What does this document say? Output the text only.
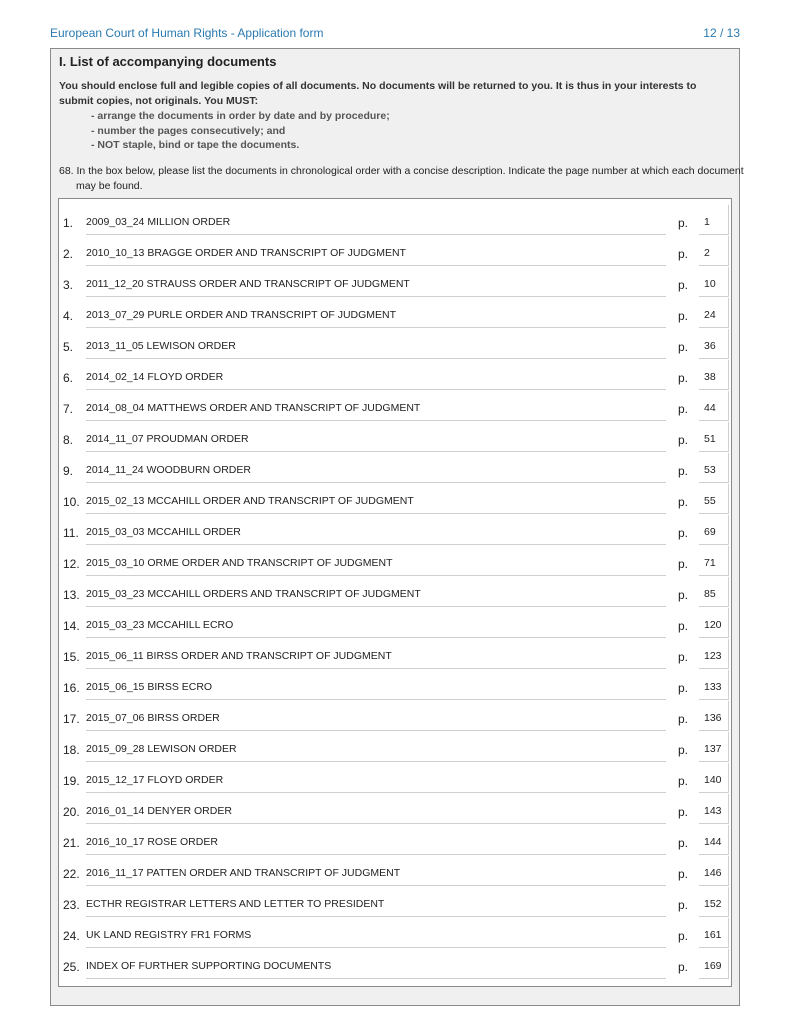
European Court of Human Rights - Application form	12 / 13
I. List of accompanying documents
You should enclose full and legible copies of all documents. No documents will be returned to you. It is thus in your interests to submit copies, not originals. You MUST:
- arrange the documents in order by date and by procedure;
- number the pages consecutively; and
- NOT staple, bind or tape the documents.
68. In the box below, please list the documents in chronological order with a concise description. Indicate the page number at which each document may be found.
1. 2009_03_24 MILLION ORDER	p.	1
2. 2010_10_13 BRAGGE ORDER AND TRANSCRIPT OF JUDGMENT	p.	2
3. 2011_12_20 STRAUSS ORDER AND TRANSCRIPT OF JUDGMENT	p.	10
4. 2013_07_29 PURLE ORDER AND TRANSCRIPT OF JUDGMENT	p.	24
5. 2013_11_05 LEWISON ORDER	p.	36
6. 2014_02_14 FLOYD ORDER	p.	38
7. 2014_08_04 MATTHEWS ORDER AND TRANSCRIPT OF JUDGMENT	p.	44
8. 2014_11_07 PROUDMAN ORDER	p.	51
9. 2014_11_24 WOODBURN ORDER	p.	53
10. 2015_02_13 MCCAHILL ORDER AND TRANSCRIPT OF JUDGMENT	p.	55
11. 2015_03_03 MCCAHILL ORDER	p.	69
12. 2015_03_10 ORME ORDER AND TRANSCRIPT OF JUDGMENT	p.	71
13. 2015_03_23 MCCAHILL ORDERS AND TRANSCRIPT OF JUDGMENT	p.	85
14. 2015_03_23 MCCAHILL ECRO	p.	120
15. 2015_06_11 BIRSS ORDER AND TRANSCRIPT OF JUDGMENT	p.	123
16. 2015_06_15 BIRSS ECRO	p.	133
17. 2015_07_06 BIRSS ORDER	p.	136
18. 2015_09_28 LEWISON ORDER	p.	137
19. 2015_12_17 FLOYD ORDER	p.	140
20. 2016_01_14 DENYER ORDER	p.	143
21. 2016_10_17 ROSE ORDER	p.	144
22. 2016_11_17 PATTEN ORDER AND TRANSCRIPT OF JUDGMENT	p.	146
23. ECTHR REGISTRAR LETTERS AND LETTER TO PRESIDENT	p.	152
24. UK LAND REGISTRY FR1 FORMS	p.	161
25. INDEX OF FURTHER SUPPORTING DOCUMENTS	p.	169
